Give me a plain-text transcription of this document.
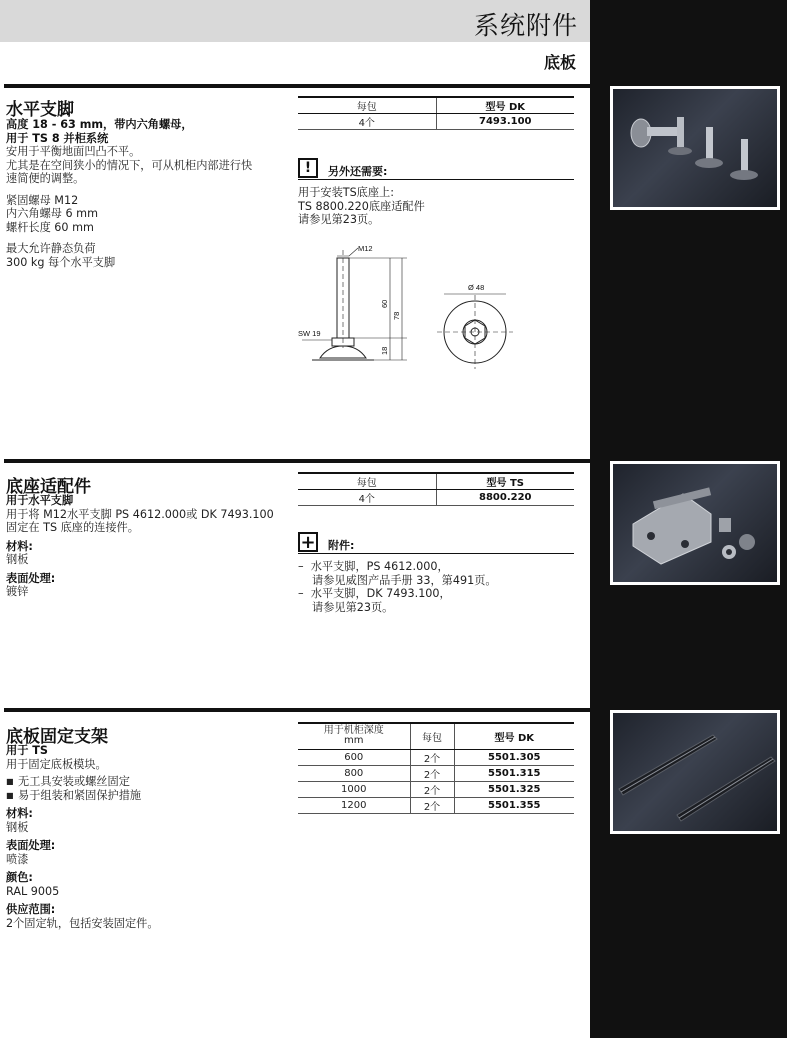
系统附件
底板
水平支脚
高度 18 - 63 mm，带内六角螺母，
用于 TS 8 并柜系统
安用于平衡地面凹凸不平。
尤其是在空间狭小的情况下，可从机柜内部进行快
速简便的调整。
紧固螺母 M12
内六角螺母 6 mm
螺杆长度 60 mm
最大允许静态负荷
300 kg 每个水平支脚
每包	型号 DK
4个	7493.100
!	另外还需要:
用于安装TS底座上:
TS 8800.220底座适配件
请参见第23页。
M12
SW 19
Ø 48
60
78
18
底座适配件
用于水平支脚
用于将 M12水平支脚 PS 4612.000或 DK 7493.100
固定在 TS 底座的连接件。
材料:
钢板
表面处理:
镀锌
每包	型号 TS
4个	8800.220
+ 附件:
–  水平支脚，PS 4612.000，
请参见威图产品手册 33，第491页。
–  水平支脚，DK 7493.100，
请参见第23页。
底板固定支架
用于 TS
用于固定底板模块。

■ 无工具安装或螺丝固定
■ 易于组装和紧固保护措施
材料:
钢板
表面处理:
喷漆
颜色:
RAL 9005
供应范围:
2个固定轨，包括安装固定件。
用于机柜深度
mm	每包	型号 DK
600	2个	5501.305
800	2个	5501.315
1000	2个	5501.325
1200	2个	5501.355
